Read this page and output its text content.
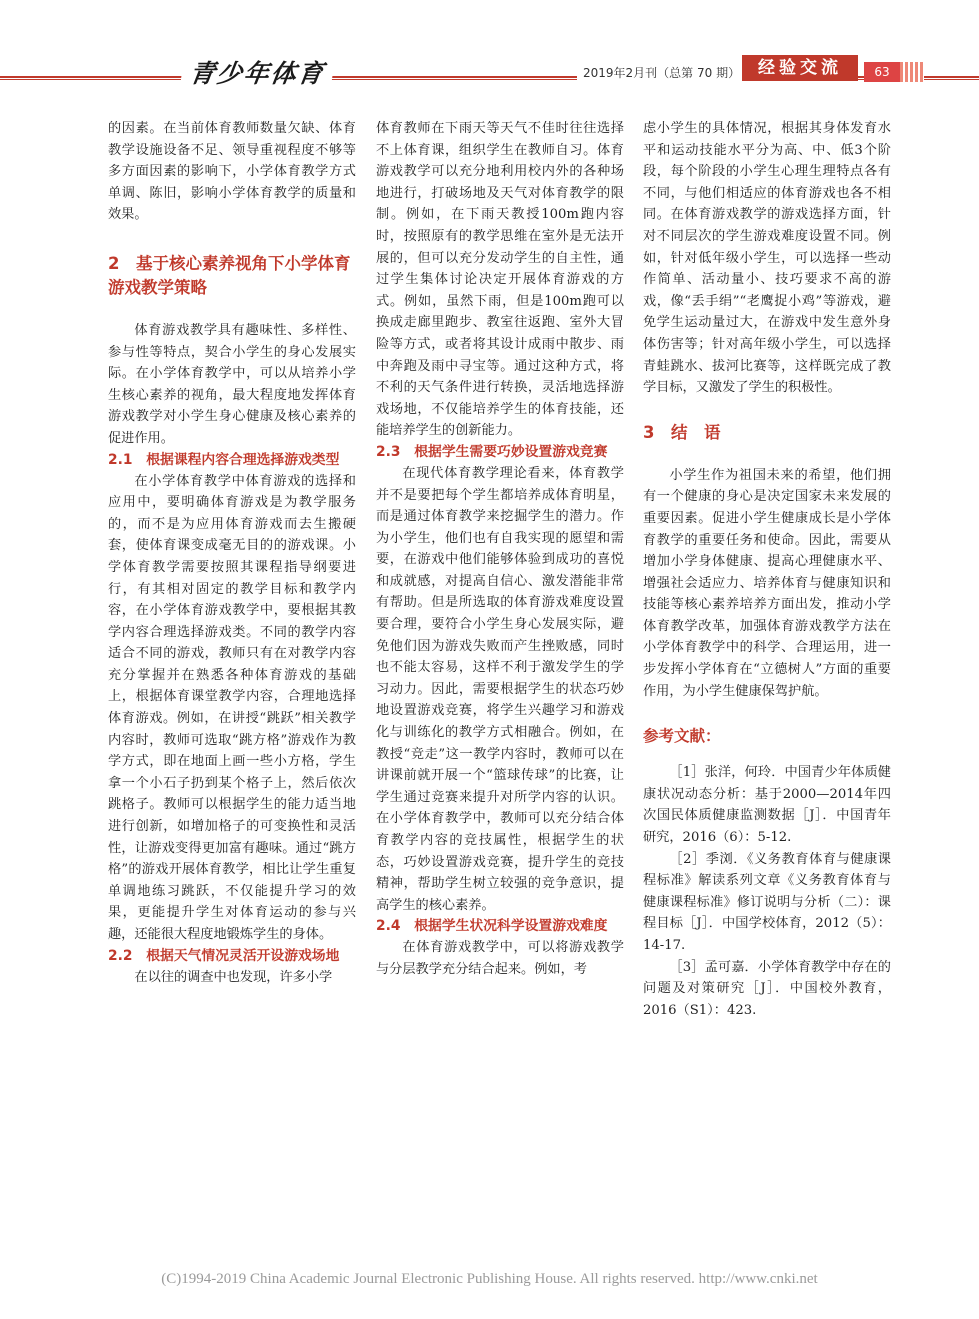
青少年体育	2019年2月刊（总第 70 期）	经验交流	63

的因素。在当前体育教师数量欠缺、体育教学设施设备不足、领导重视程度不够等多方面因素的影响下，小学体育教学方式单调、陈旧，影响小学体育教学的质量和效果。

2　基于核心素养视角下小学体育游戏教学策略

体育游戏教学具有趣味性、多样性、参与性等特点，契合小学生的身心发展实际。在小学体育教学中，可以从培养小学生核心素养的视角，最大程度地发挥体育游戏教学对小学生身心健康及核心素养的促进作用。

2.1　根据课程内容合理选择游戏类型

在小学体育教学中体育游戏的选择和应用中，要明确体育游戏是为教学服务的，而不是为应用体育游戏而去生搬硬套，使体育课变成毫无目的的游戏课。小学体育教学需要按照其课程指导纲要进行，有其相对固定的教学目标和教学内容，在小学体育游戏教学中，要根据其教学内容合理选择游戏类。不同的教学内容适合不同的游戏，教师只有在对教学内容充分掌握并在熟悉各种体育游戏的基础上，根据体育课堂教学内容，合理地选择体育游戏。例如，在讲授“跳跃”相关教学内容时，教师可选取“跳方格”游戏作为教学方式，即在地面上画一些小方格，学生拿一个小石子扔到某个格子上，然后依次跳格子。教师可以根据学生的能力适当地进行创新，如增加格子的可变换性和灵活性，让游戏变得更加富有趣味。通过“跳方格”的游戏开展体育教学，相比让学生重复单调地练习跳跃，不仅能提升学习的效果，更能提升学生对体育运动的参与兴趣，还能很大程度地锻炼学生的身体。

2.2　根据天气情况灵活开设游戏场地

在以往的调查中也发现，许多小学

体育教师在下雨天等天气不佳时往往选择不上体育课，组织学生在教师自习。体育游戏教学可以充分地利用校内外的各种场地进行，打破场地及天气对体育教学的限制。例如，在下雨天教授100m跑内容时，按照原有的教学思维在室外是无法开展的，但可以充分发动学生的自主性，通过学生集体讨论决定开展体育游戏的方式。例如，虽然下雨，但是100m跑可以换成走廊里跑步、教室往返跑、室外大冒险等方式，或者将其设计成雨中散步、雨中奔跑及雨中寻宝等。通过这种方式，将不利的天气条件进行转换，灵活地选择游戏场地，不仅能培养学生的体育技能，还能培养学生的创新能力。

2.3　根据学生需要巧妙设置游戏竞赛

在现代体育教学理论看来，体育教学并不是要把每个学生都培养成体育明星，而是通过体育教学来挖掘学生的潜力。作为小学生，他们也有自我实现的愿望和需要，在游戏中他们能够体验到成功的喜悦和成就感，对提高自信心、激发潜能非常有帮助。但是所选取的体育游戏难度设置要合理，要符合小学生身心发展实际，避免他们因为游戏失败而产生挫败感，同时也不能太容易，这样不利于激发学生的学习动力。因此，需要根据学生的状态巧妙地设置游戏竞赛，将学生兴趣学习和游戏化与训练化的教学方式相融合。例如，在教授“竞走”这一教学内容时，教师可以在讲课前就开展一个“篮球传球”的比赛，让学生通过竞赛来提升对所学内容的认识。在小学体育教学中，教师可以充分结合体育教学内容的竞技属性，根据学生的状态，巧妙设置游戏竞赛，提升学生的竞技精神，帮助学生树立较强的竞争意识，提高学生的核心素养。

2.4　根据学生状况科学设置游戏难度

在体育游戏教学中，可以将游戏教学与分层教学充分结合起来。例如，考

虑小学生的具体情况，根据其身体发育水平和运动技能水平分为高、中、低3个阶段，每个阶段的小学生心理生理特点各有不同，与他们相适应的体育游戏也各不相同。在体育游戏教学的游戏选择方面，针对不同层次的学生游戏难度设置不同。例如，针对低年级小学生，可以选择一些动作简单、活动量小、技巧要求不高的游戏，像“丢手绢”“老鹰捉小鸡”等游戏，避免学生运动量过大，在游戏中发生意外身体伤害等；针对高年级小学生，可以选择青蛙跳水、拔河比赛等，这样既完成了教学目标，又激发了学生的积极性。

3　结　语

小学生作为祖国未来的希望，他们拥有一个健康的身心是决定国家未来发展的重要因素。促进小学生健康成长是小学体育教学的重要任务和使命。因此，需要从增加小学身体健康、提高心理健康水平、增强社会适应力、培养体育与健康知识和技能等核心素养培养方面出发，推动小学体育教学改革，加强体育游戏教学方法在小学体育教学中的科学、合理运用，进一步发挥小学体育在“立德树人”方面的重要作用，为小学生健康保驾护航。

参考文献：

［1］张洋，何玲．中国青少年体质健康状况动态分析：基于2000—2014年四次国民体质健康监测数据［J］．中国青年研究，2016（6）：5-12.

［2］季浏．《义务教育体育与健康课程标准》解读系列文章《义务教育体育与健康课程标准》修订说明与分析（二）：课程目标［J］．中国学校体育，2012（5）：14-17.

［3］孟可嘉．小学体育教学中存在的问题及对策研究［J］．中国校外教育，2016（S1）：423.

(C)1994-2019 China Academic Journal Electronic Publishing House. All rights reserved. http://www.cnki.net
